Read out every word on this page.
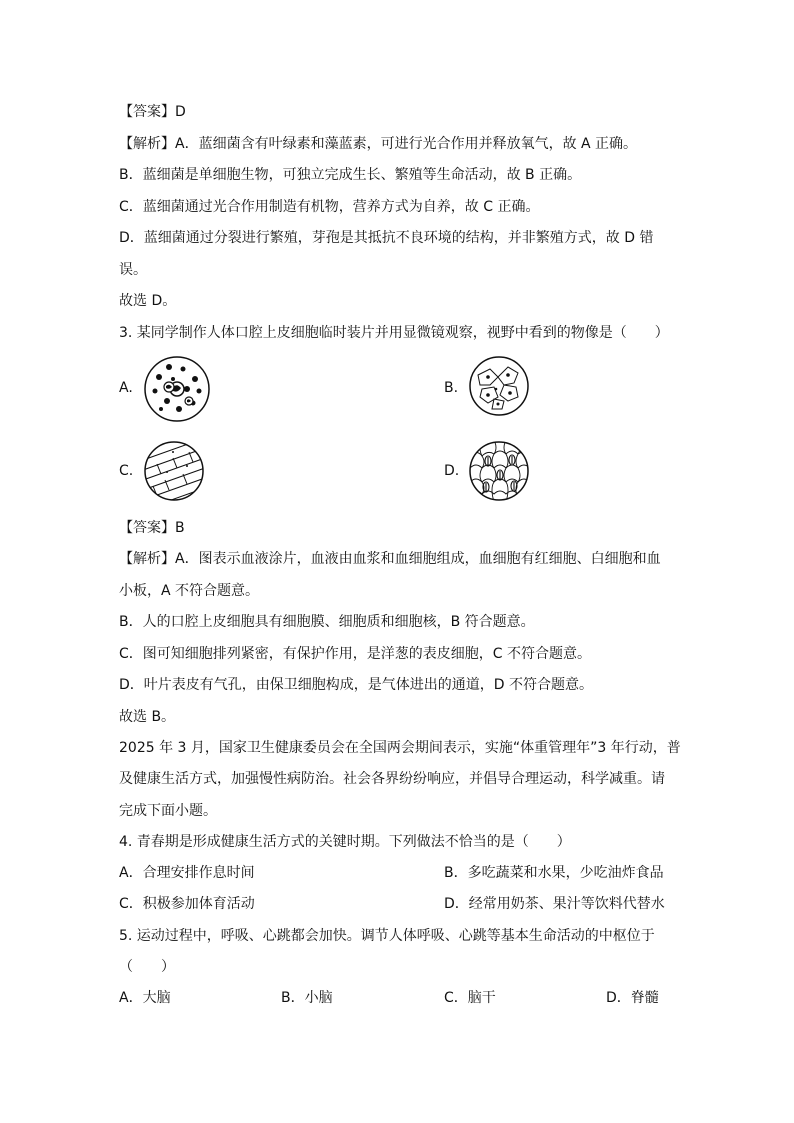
【答案】D
【解析】A．蓝细菌含有叶绿素和藻蓝素，可进行光合作用并释放氧气，故 A 正确。
B．蓝细菌是单细胞生物，可独立完成生长、繁殖等生命活动，故 B 正确。
C．蓝细菌通过光合作用制造有机物，营养方式为自养，故 C 正确。
D．蓝细菌通过分裂进行繁殖，芽孢是其抵抗不良环境的结构，并非繁殖方式，故 D 错
误。
故选 D。
3. 某同学制作人体口腔上皮细胞临时装片并用显微镜观察，视野中看到的物像是（　　）
A.	B.
C.	D.
【答案】B
【解析】A．图表示血液涂片，血液由血浆和血细胞组成，血细胞有红细胞、白细胞和血
小板，A 不符合题意。
B．人的口腔上皮细胞具有细胞膜、细胞质和细胞核，B 符合题意。
C．图可知细胞排列紧密，有保护作用，是洋葱的表皮细胞，C 不符合题意。
D．叶片表皮有气孔，由保卫细胞构成，是气体进出的通道，D 不符合题意。
故选 B。
2025 年 3 月，国家卫生健康委员会在全国两会期间表示，实施“体重管理年”3 年行动，普
及健康生活方式，加强慢性病防治。社会各界纷纷响应，并倡导合理运动，科学减重。请
完成下面小题。
4. 青春期是形成健康生活方式的关键时期。下列做法不恰当的是（　　）
A．合理安排作息时间	B．多吃蔬菜和水果，少吃油炸食品
C．积极参加体育活动	D．经常用奶茶、果汁等饮料代替水
5. 运动过程中，呼吸、心跳都会加快。调节人体呼吸、心跳等基本生命活动的中枢位于
（　　）
A．大脑	B．小脑	C．脑干	D．脊髓
